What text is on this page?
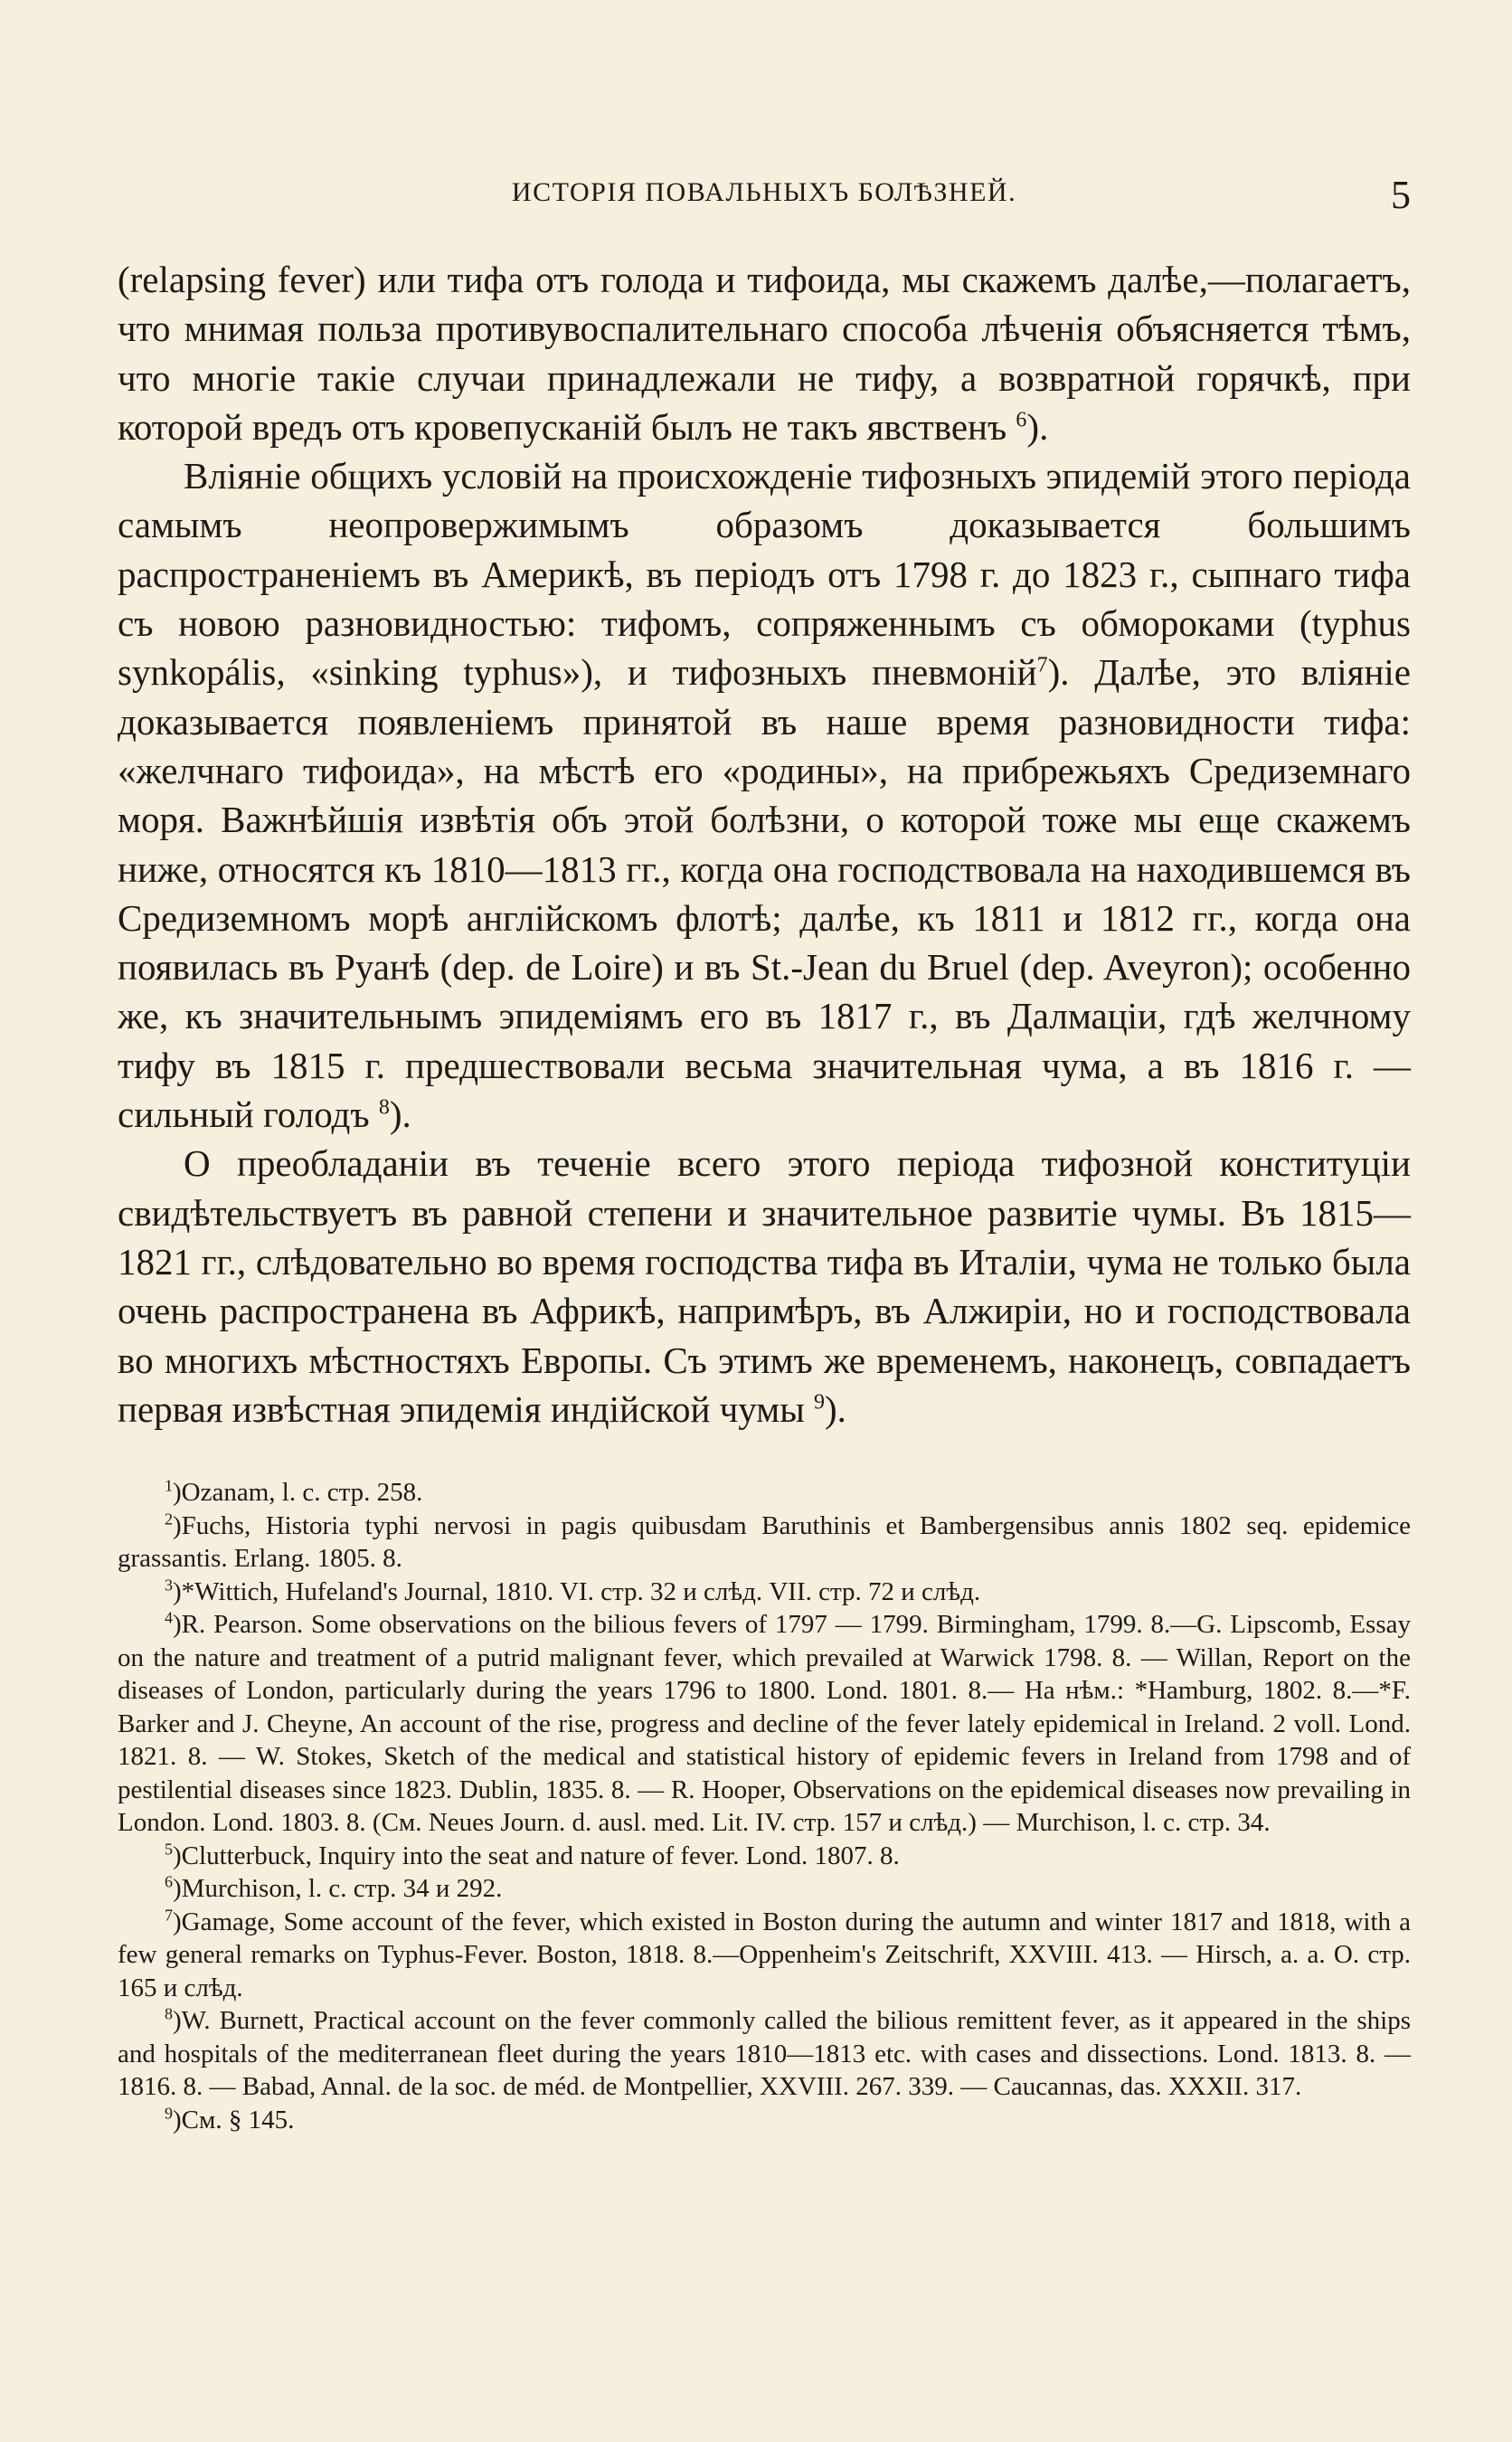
ИСТОРІЯ ПОВАЛЬНЫХЪ БОЛѢЗНЕЙ.	5

(relapsing fever) или тифа отъ голода и тифоида, мы скажемъ далѣе,—полагаетъ, что мнимая польза противувоспалительнаго способа лѣченія объясняется тѣмъ, что многіе такіе случаи принадлежали не тифу, а возвратной горячкѣ, при которой вредъ отъ кровепусканій былъ не такъ явственъ $^6$).

Вліяніе общихъ условій на происхожденіе тифозныхъ эпидемій этого періода самымъ неопровержимымъ образомъ доказывается большимъ распространеніемъ въ Америкѣ, въ періодъ отъ 1798 г. до 1823 г., сыпнаго тифа съ новою разновидностью: тифомъ, сопряженнымъ съ обмороками (typhus synkopális, «sinking typhus»), и тифозныхъ пневмоній$^7$). Далѣе, это вліяніе доказывается появленіемъ принятой въ наше время разновидности тифа: «желчнаго тифоида», на мѣстѣ его «родины», на прибрежьяхъ Средиземнаго моря. Важнѣйшія извѣтія объ этой болѣзни, о которой тоже мы еще скажемъ ниже, относятся къ 1810—1813 гг., когда она господствовала на находившемся въ Средиземномъ морѣ англійскомъ флотѣ; далѣе, къ 1811 и 1812 гг., когда она появилась въ Руанѣ (dep. de Loire) и въ St.-Jean du Bruel (dep. Aveyron); особенно же, къ значительнымъ эпидеміямъ его въ 1817 г., въ Далмаціи, гдѣ желчному тифу въ 1815 г. предшествовали весьма значительная чума, а въ 1816 г. — сильный голодъ $^8$).

О преобладаніи въ теченіе всего этого періода тифозной конституціи свидѣтельствуетъ въ равной степени и значительное развитіе чумы. Въ 1815—1821 гг., слѣдовательно во время господства тифа въ Италіи, чума не только была очень распространена въ Африкѣ, напримѣръ, въ Алжиріи, но и господствовала во многихъ мѣстностяхъ Европы. Съ этимъ же временемъ, наконецъ, совпадаетъ первая извѣстная эпидемія индійской чумы $^9$).

$^1$)Ozanam, l. c. стр. 258.

$^2$)Fuchs, Historia typhi nervosi in pagis quibusdam Baruthinis et Bambergensibus annis 1802 seq. epidemice grassantis. Erlang. 1805. 8.

$^3$)*Wittich, Hufeland's Journal, 1810. VI. стр. 32 и слѣд. VII. стр. 72 и слѣд.

$^4$)R. Pearson. Some observations on the bilious fevers of 1797 — 1799. Birmingham, 1799. 8.—G. Lipscomb, Essay on the nature and treatment of a putrid malignant fever, which prevailed at Warwick 1798. 8. — Willan, Report on the diseases of London, particularly during the years 1796 to 1800. Lond. 1801. 8.— На нѣм.: *Hamburg, 1802. 8.—*F. Barker and J. Cheyne, An account of the rise, progress and decline of the fever lately epidemical in Ireland. 2 voll. Lond. 1821. 8. — W. Stokes, Sketch of the medical and statistical history of epidemic fevers in Ireland from 1798 and of pestilential diseases since 1823. Dublin, 1835. 8. — R. Hooper, Observations on the epidemical diseases now prevailing in London. Lond. 1803. 8. (См. Neues Journ. d. ausl. med. Lit. IV. стр. 157 и слѣд.) — Murchison, l. c. стр. 34.

$^5$)Clutterbuck, Inquiry into the seat and nature of fever. Lond. 1807. 8.

$^6$)Murchison, l. c. стр. 34 и 292.

$^7$)Gamage, Some account of the fever, which existed in Boston during the autumn and winter 1817 and 1818, with a few general remarks on Typhus-Fever. Boston, 1818. 8.—Oppenheim's Zeitschrift, XXVIII. 413. — Hirsch, a. a. O. стр. 165 и слѣд.

$^8$)W. Burnett, Practical account on the fever commonly called the bilious remittent fever, as it appeared in the ships and hospitals of the mediterranean fleet during the years 1810—1813 etc. with cases and dissections. Lond. 1813. 8. — 1816. 8. — Babad, Annal. de la soc. de méd. de Montpellier, XXVIII. 267. 339. — Caucannas, das. XXXII. 317.

$^9$)См. § 145.
